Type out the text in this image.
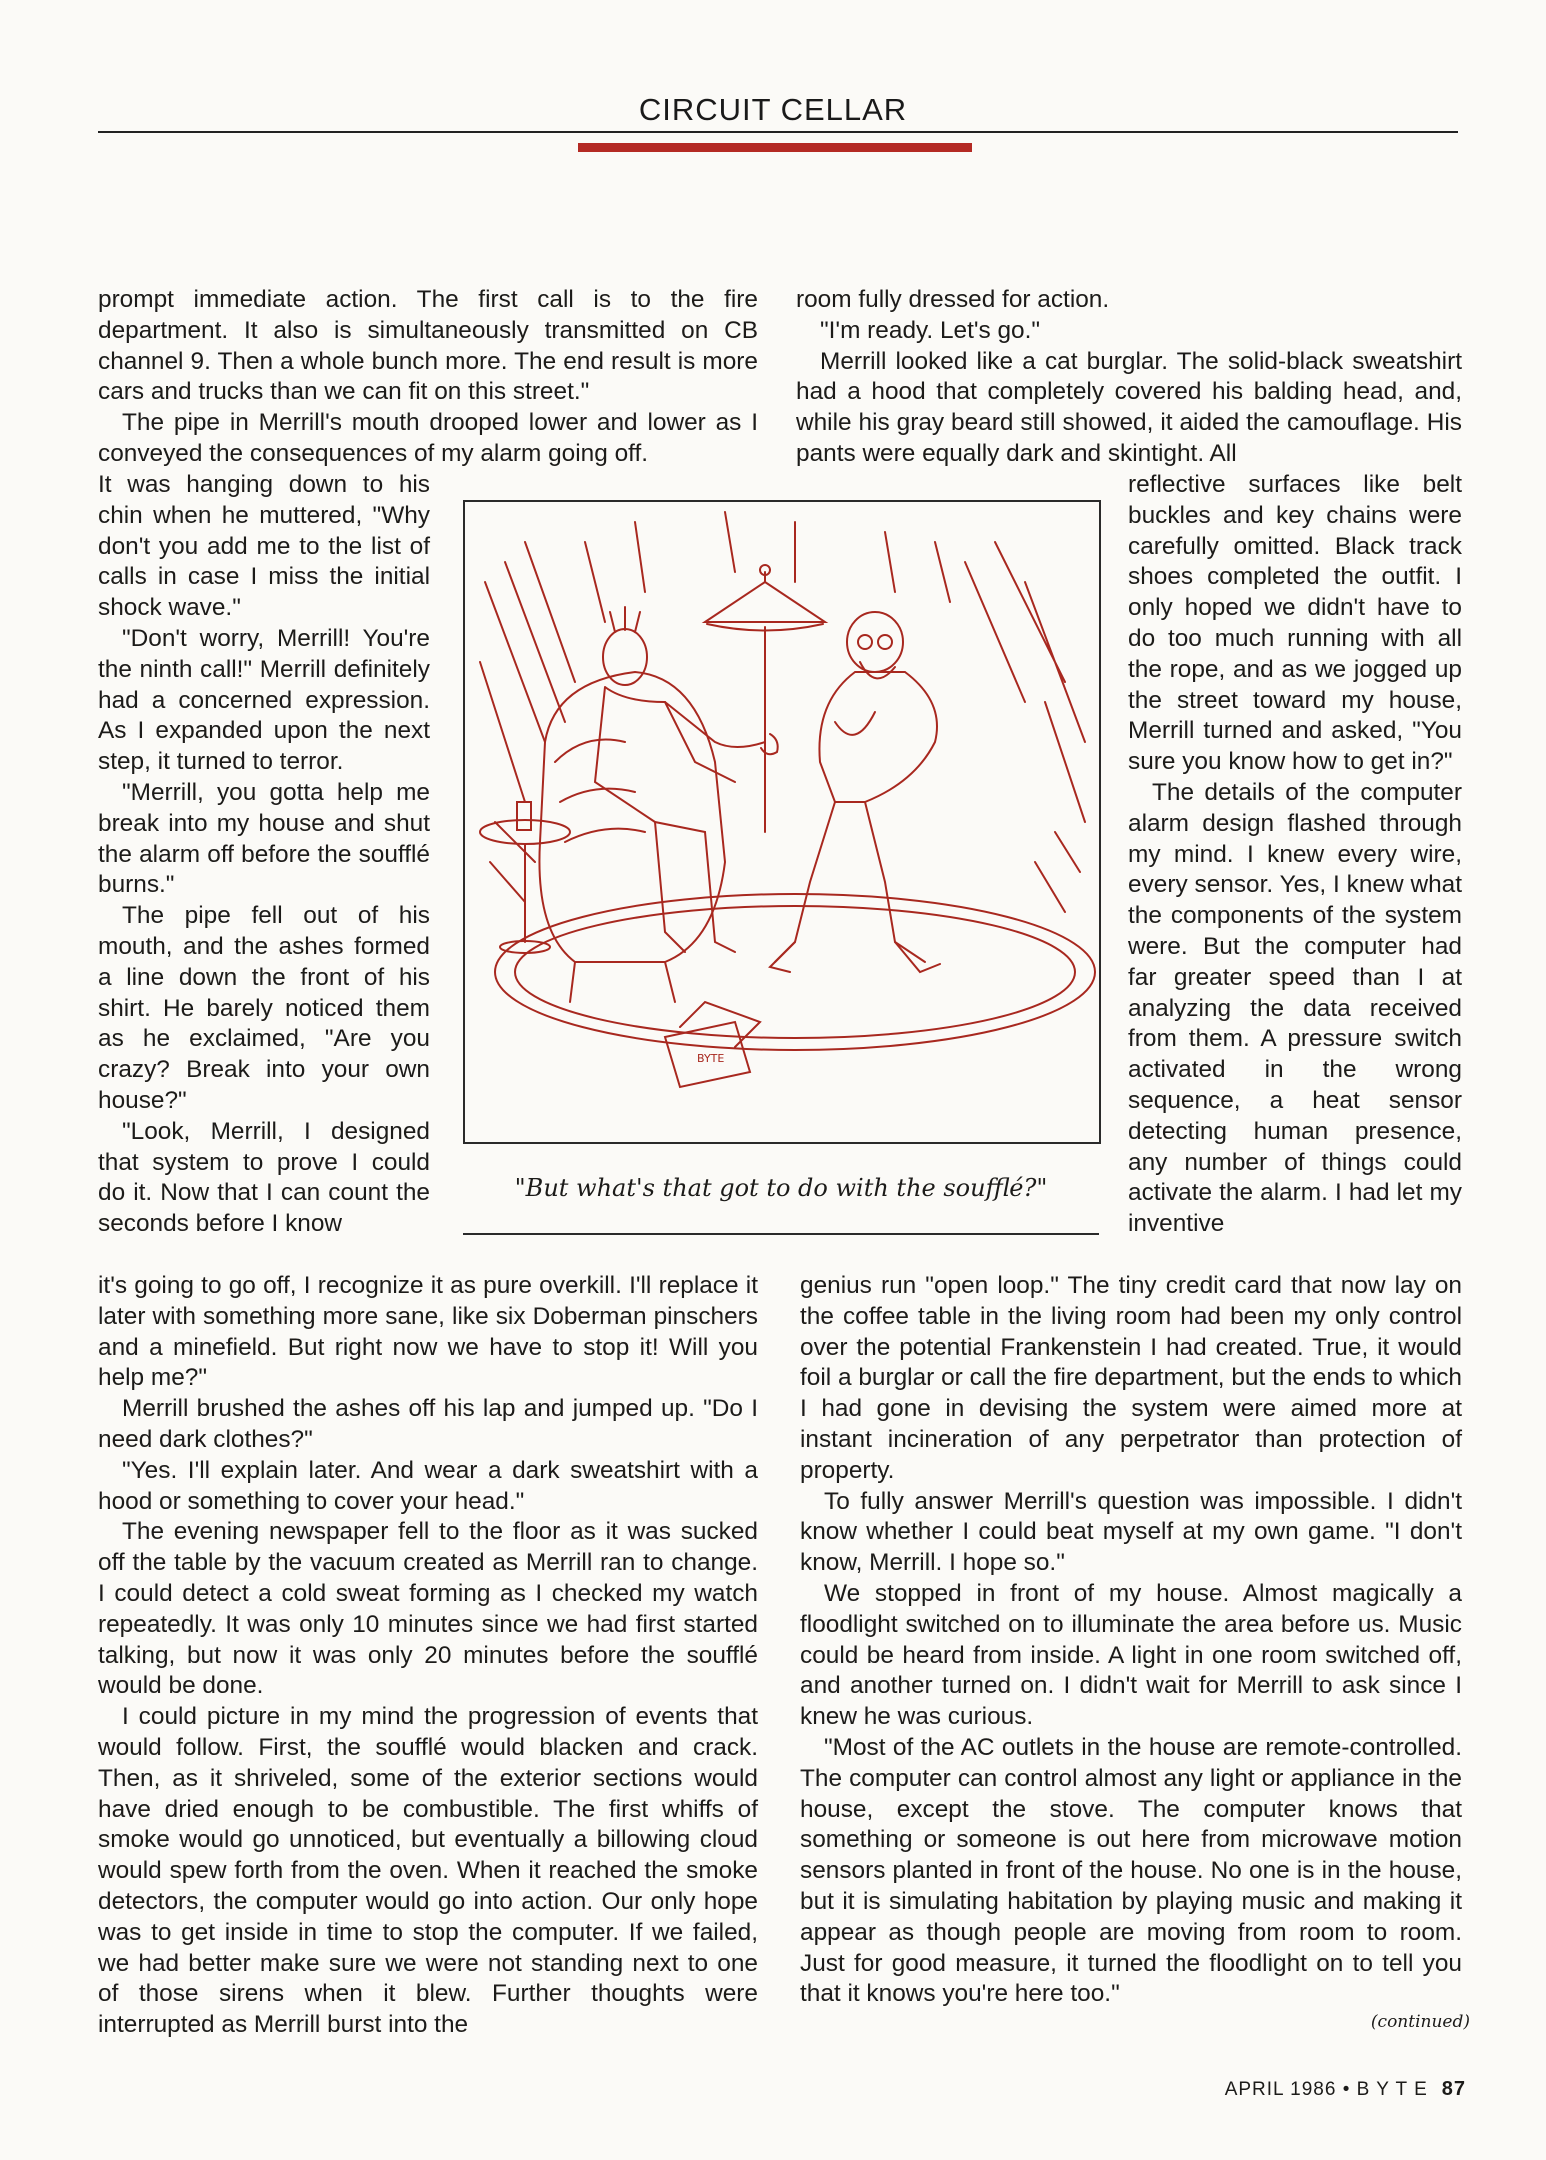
CIRCUIT CELLAR

prompt immediate action. The first call is to the fire department. It also is simultaneously transmitted on CB channel 9. Then a whole bunch more. The end result is more cars and trucks than we can fit on this street."

The pipe in Merrill's mouth drooped lower and lower as I conveyed the consequences of my alarm going off.

It was hanging down to his chin when he muttered, "Why don't you add me to the list of calls in case I miss the initial shock wave."

"Don't worry, Merrill! You're the ninth call!" Merrill definitely had a concerned expression. As I expanded upon the next step, it turned to terror.

"Merrill, you gotta help me break into my house and shut the alarm off before the soufflé burns."

The pipe fell out of his mouth, and the ashes formed a line down the front of his shirt. He barely noticed them as he exclaimed, "Are you crazy? Break into your own house?"

"Look, Merrill, I designed that system to prove I could do it. Now that I can count the seconds before I know

it's going to go off, I recognize it as pure overkill. I'll replace it later with something more sane, like six Doberman pinschers and a minefield. But right now we have to stop it! Will you help me?"

Merrill brushed the ashes off his lap and jumped up. "Do I need dark clothes?"

"Yes. I'll explain later. And wear a dark sweatshirt with a hood or something to cover your head."

The evening newspaper fell to the floor as it was sucked off the table by the vacuum created as Merrill ran to change. I could detect a cold sweat forming as I checked my watch repeatedly. It was only 10 minutes since we had first started talking, but now it was only 20 minutes before the soufflé would be done.

I could picture in my mind the progression of events that would follow. First, the soufflé would blacken and crack. Then, as it shriveled, some of the exterior sections would have dried enough to be combustible. The first whiffs of smoke would go unnoticed, but eventually a billowing cloud would spew forth from the oven. When it reached the smoke detectors, the computer would go into action. Our only hope was to get inside in time to stop the computer. If we failed, we had better make sure we were not standing next to one of those sirens when it blew. Further thoughts were interrupted as Merrill burst into the

room fully dressed for action.

"I'm ready. Let's go."

Merrill looked like a cat burglar. The solid-black sweatshirt had a hood that completely covered his balding head, and, while his gray beard still showed, it aided the camouflage. His pants were equally dark and skintight. All

reflective surfaces like belt buckles and key chains were carefully omitted. Black track shoes completed the outfit. I only hoped we didn't have to do too much running with all the rope, and as we jogged up the street toward my house, Merrill turned and asked, "You sure you know how to get in?"

The details of the computer alarm design flashed through my mind. I knew every wire, every sensor. Yes, I knew what the components of the system were. But the computer had far greater speed than I at analyzing the data received from them. A pressure switch activated in the wrong sequence, a heat sensor detecting human presence, any number of things could activate the alarm. I had let my inventive

genius run "open loop." The tiny credit card that now lay on the coffee table in the living room had been my only control over the potential Frankenstein I had created. True, it would foil a burglar or call the fire department, but the ends to which I had gone in devising the system were aimed more at instant incineration of any perpetrator than protection of property.

To fully answer Merrill's question was impossible. I didn't know whether I could beat myself at my own game. "I don't know, Merrill. I hope so."

We stopped in front of my house. Almost magically a floodlight switched on to illuminate the area before us. Music could be heard from inside. A light in one room switched off, and another turned on. I didn't wait for Merrill to ask since I knew he was curious.

"Most of the AC outlets in the house are remote-controlled. The computer can control almost any light or appliance in the house, except the stove. The computer knows that something or someone is out here from microwave motion sensors planted in front of the house. No one is in the house, but it is simulating habitation by playing music and making it appear as though people are moving from room to room. Just for good measure, it turned the floodlight on to tell you that it knows you're here too."

BYTE
"But what's that got to do with the soufflé?"
(continued)
APRIL 1986 • B Y T E 87
